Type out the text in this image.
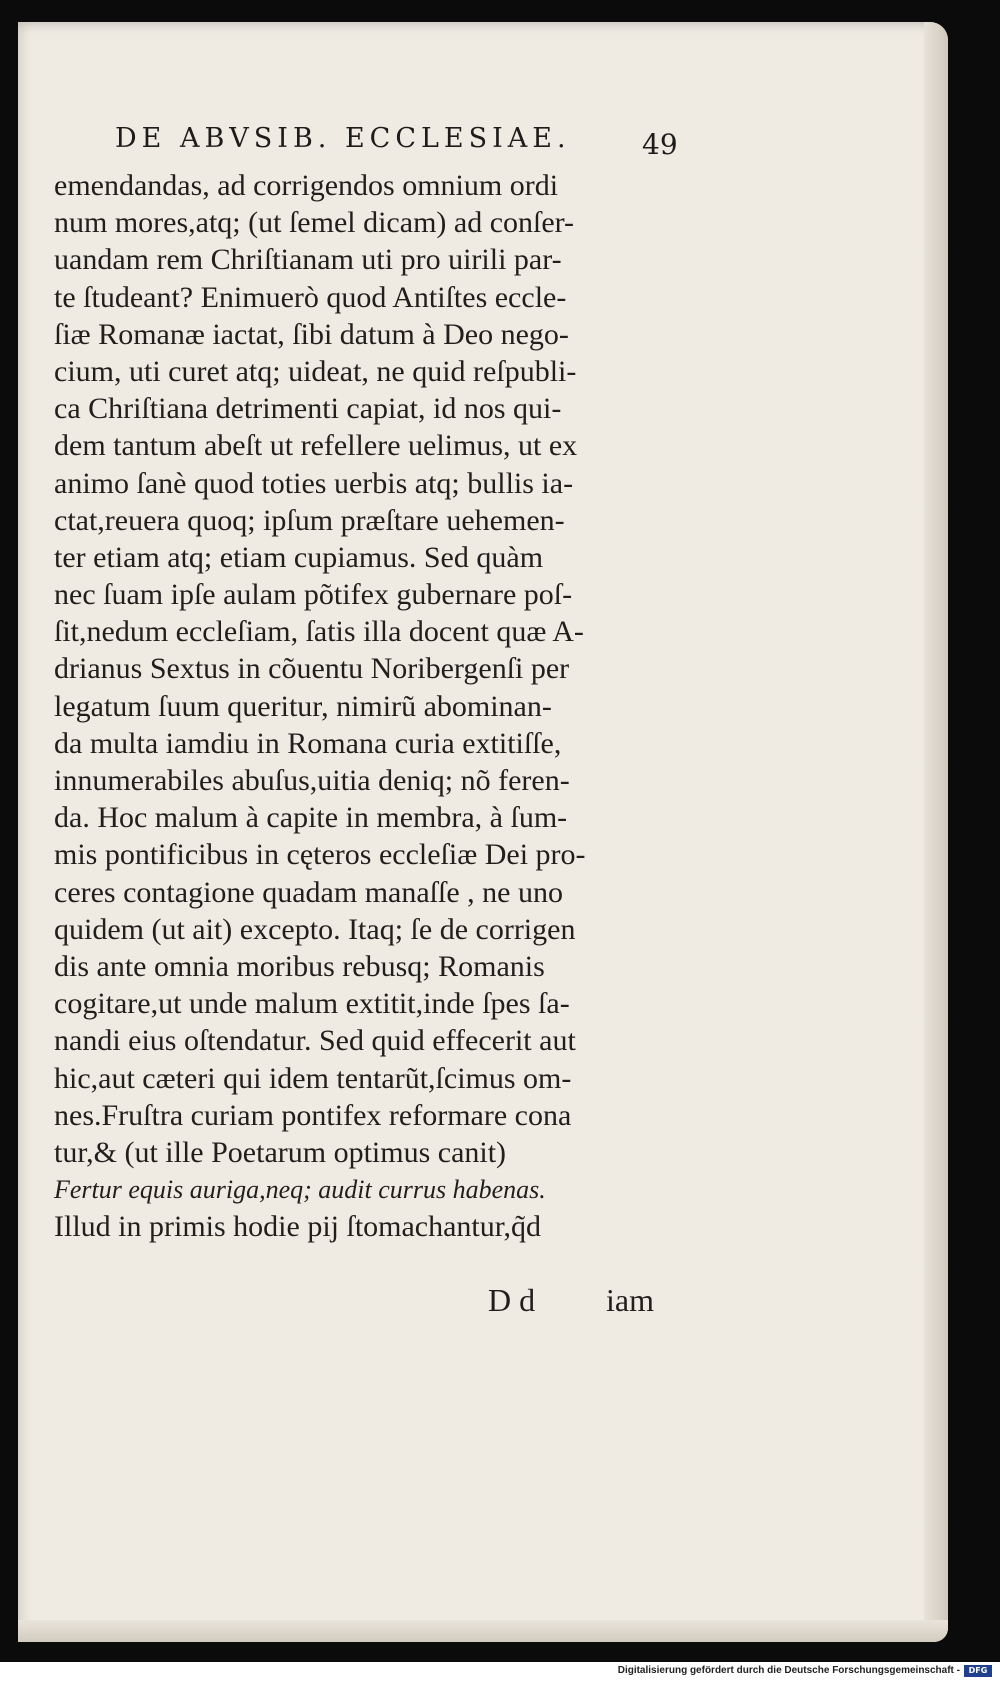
DE ABVSIB. ECCLESIAE.	49
emendandas, ad corrigendos omnium ordi
num mores,atq; (ut ſemel dicam) ad conſer-
uandam rem Chriſtianam uti pro uirili par-
te ſtudeant? Enimuerò quod Antiſtes eccle-
ſiæ Romanæ iactat, ſibi datum à Deo nego-
cium, uti curet atq; uideat, ne quid reſpubli-
ca Chriſtiana detrimenti capiat, id nos qui-
dem tantum abeſt ut refellere uelimus, ut ex
animo ſanè quod toties uerbis atq; bullis ia-
ctat,reuera quoq; ipſum præſtare uehemen-
ter etiam atq; etiam cupiamus. Sed quàm
nec ſuam ipſe aulam põtifex gubernare poſ-
ſit,nedum eccleſiam, ſatis illa docent quæ A-
drianus Sextus in cõuentu Noribergenſi per
legatum ſuum queritur, nimirũ abominan-
da multa iamdiu in Romana curia extitiſſe,
innumerabiles abuſus,uitia deniq; nõ feren-
da. Hoc malum à capite in membra, à ſum-
mis pontificibus in cęteros eccleſiæ Dei pro-
ceres contagione quadam manaſſe , ne uno
quidem (ut ait) excepto. Itaq; ſe de corrigen
dis ante omnia moribus rebusq; Romanis
cogitare,ut unde malum extitit,inde ſpes ſa-
nandi eius oſtendatur. Sed quid effecerit aut
hic,aut cæteri qui idem tentarũt,ſcimus om-
nes.Fruſtra curiam pontifex reformare cona
tur,& (ut ille Poetarum optimus canit)
Fertur equis auriga,neq; audit currus habenas.
Illud in primis hodie pij ſtomachantur,q̃d
D d	iam
Digitalisierung gefördert durch die Deutsche Forschungsgemeinschaft -	DFG
